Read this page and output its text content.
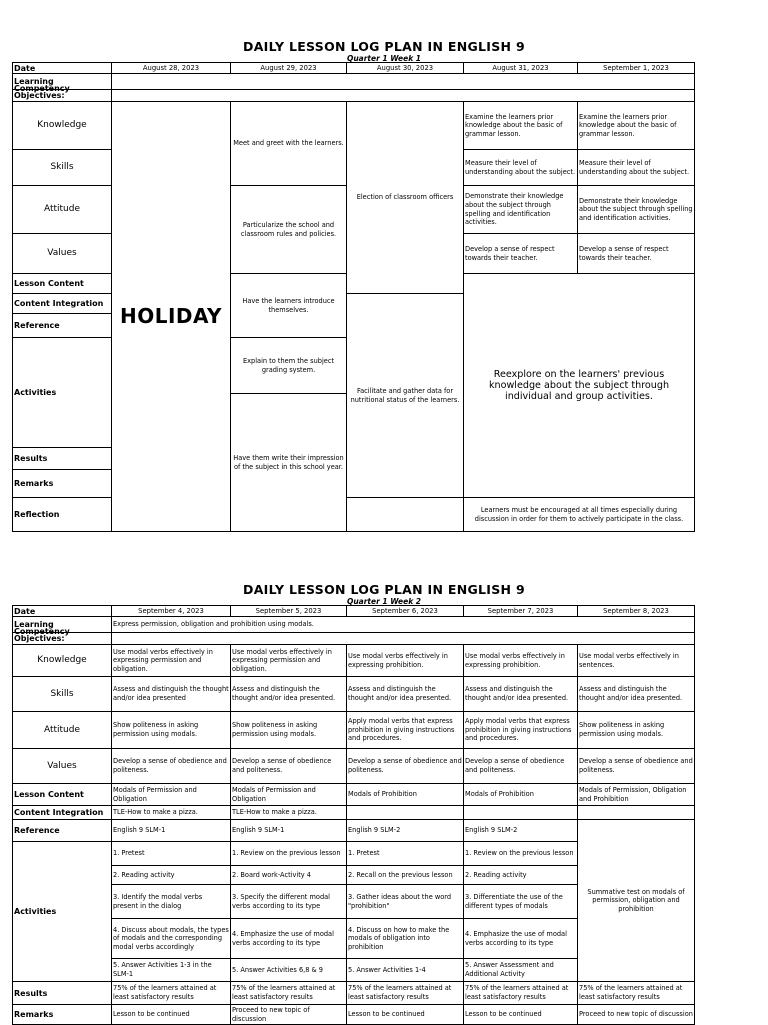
DAILY LESSON LOG PLAN IN ENGLISH 9
Quarter 1 Week 1
Date	August 28, 2023	August 29, 2023	August 30, 2023	August 31, 2023	September 1, 2023

Learning Competency					

Objectives:					
Knowledge	HOLIDAY	Meet and greet with the learners.	Election of classroom officers	Examine the learners prior knowledge about the basic of grammar lesson.	Examine the learners prior knowledge about the basic of grammar lesson.
Skills				Measure their level of understanding about the subject.	Measure their level of understanding about the subject.
Attitude		Particularize the school and classroom rules and policies.		Demonstrate their knowledge about the subject through spelling and identification activities.	Demonstrate their knowledge about the subject through spelling and identification activities.
Values				Develop a sense of respect towards their teacher.	Develop a sense of respect towards their teacher.
Lesson Content		Have the learners introduce themselves.		Reexplore on the learners' previous knowledge about the subject through individual and group activities.	
Content Integration			Facilitate and gather data for nutritional status of the learners.		
Reference					
Activities		Explain to them the subject grading system.			
		Have them write their impression of the subject in this school year.			
Results					
Remarks					
Reflection				Learners must be encouraged at all times especially during discussion in order for them to actively participate in the class.	
DAILY LESSON LOG PLAN IN ENGLISH 9
Quarter 1 Week 2
Date	September 4, 2023	September 5, 2023	September 6, 2023	September 7, 2023	September 8, 2023

Learning Competency	Express permission, obligation and prohibition using modals.				
Objectives:					
Knowledge	Use modal verbs effectively in expressing permission and obligation.	Use modal verbs effectively in expressing permission and obligation.	Use modal verbs effectively in expressing prohibition.	Use modal verbs effectively in expressing prohibition.	Use modal verbs effectively in sentences.
Skills	Assess and distinguish the thought and/or idea presented	Assess and distinguish the thought and/or idea presented.	Assess and distinguish the thought and/or idea presented.	Assess and distinguish the thought and/or idea presented.	Assess and distinguish the thought and/or idea presented.
Attitude	Show politeness in asking permission using modals.	Show politeness in asking permission using modals.	Apply modal verbs that express prohibition in giving instructions and procedures.	Apply modal verbs that express prohibition in giving instructions and procedures.	Show politeness in asking permission using modals.
Values	Develop a sense of obedience and politeness.	Develop a sense of obedience and politeness.	Develop a sense of obedience and politeness.	Develop a sense of obedience and politeness.	Develop a sense of obedience and politeness.
Lesson Content	Modals of Permission and Obligation	Modals of Permission and Obligation	Modals of Prohibition	Modals of Prohibition	Modals of Permission, Obligation and Prohibition
Content Integration	TLE-How to make a pizza.	TLE-How to make a pizza.			
Reference	English 9 SLM-1	English 9 SLM-1	English 9 SLM-2	English 9 SLM-2	Summative test on modals of permission, obligation and prohibition
Activities	1. Pretest	1. Review on the previous lesson	1. Pretest	1. Review on the previous lesson	
	2. Reading activity	2. Board work-Activity 4	2. Recall on the previous lesson	2. Reading activity	
	3. Identify the modal verbs present in the dialog	3. Specify the different modal verbs according to its type	3. Gather ideas about the word "prohibition"	3. Differentiate the use of the different types of modals	
	4. Discuss about modals, the types of modals and the corresponding modal verbs accordingly	4. Emphasize the use of modal verbs according to its type	4. Discuss on how to make the modals of obligation into prohibition	4. Emphasize the use of modal verbs according to its type	
	5. Answer Activities 1-3 in the SLM-1	5. Answer Activities 6,8 & 9	5. Answer Activities 1-4	5. Answer Assessment and Additional Activity	
Results	75% of the learners attained at least satisfactory results	75% of the learners attained at least satisfactory results	75% of the learners attained at least satisfactory results	75% of the learners attained at least satisfactory results	75% of the learners attained at least satisfactory results
Remarks	Lesson to be continued	Proceed to new topic of discussion	Lesson to be continued	Lesson to be continued	Proceed to new topic of discussion
